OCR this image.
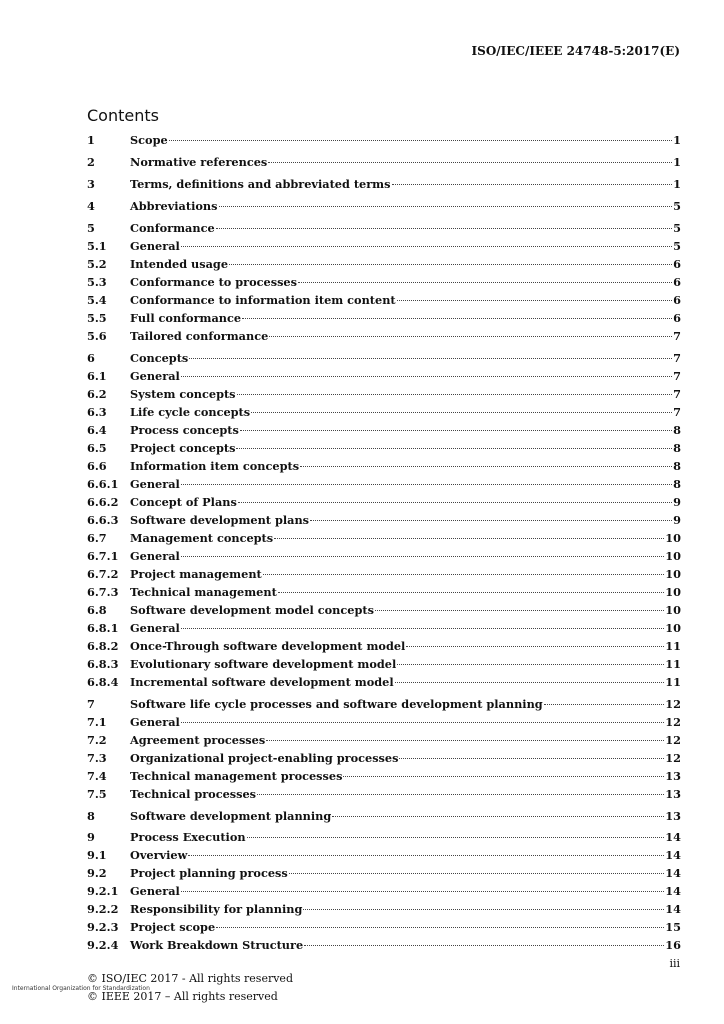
ISO/IEC/IEEE 24748-5:2017(E)
Contents
1	Scope	1
2	Normative references	1
3	Terms, definitions and abbreviated terms	1
4	Abbreviations	5
5	Conformance	5
5.1	General	5
5.2	Intended usage	6
5.3	Conformance to processes	6
5.4	Conformance to information item content	6
5.5	Full conformance	6
5.6	Tailored conformance	7
6	Concepts	7
6.1	General	7
6.2	System concepts	7
6.3	Life cycle concepts	7
6.4	Process concepts	8
6.5	Project concepts	8
6.6	Information item concepts	8
6.6.1	General	8
6.6.2	Concept of Plans	9
6.6.3	Software development plans	9
6.7	Management concepts	10
6.7.1	General	10
6.7.2	Project management	10
6.7.3	Technical management	10
6.8	Software development model concepts	10
6.8.1	General	10
6.8.2	Once-Through software development model	11
6.8.3	Evolutionary software development model	11
6.8.4	Incremental software development model	11
7	Software life cycle processes and software development planning	12
7.1	General	12
7.2	Agreement processes	12
7.3	Organizational project-enabling processes	12
7.4	Technical management processes	13
7.5	Technical processes	13
8	Software development planning	13
9	Process Execution	14
9.1	Overview	14
9.2	Project planning process	14
9.2.1	General	14
9.2.2	Responsibility for planning	14
9.2.3	Project scope	15
9.2.4	Work Breakdown Structure	16
iii
© ISO/IEC 2017 - All rights reserved
International Organization for Standardization
© IEEE 2017 – All rights reserved
